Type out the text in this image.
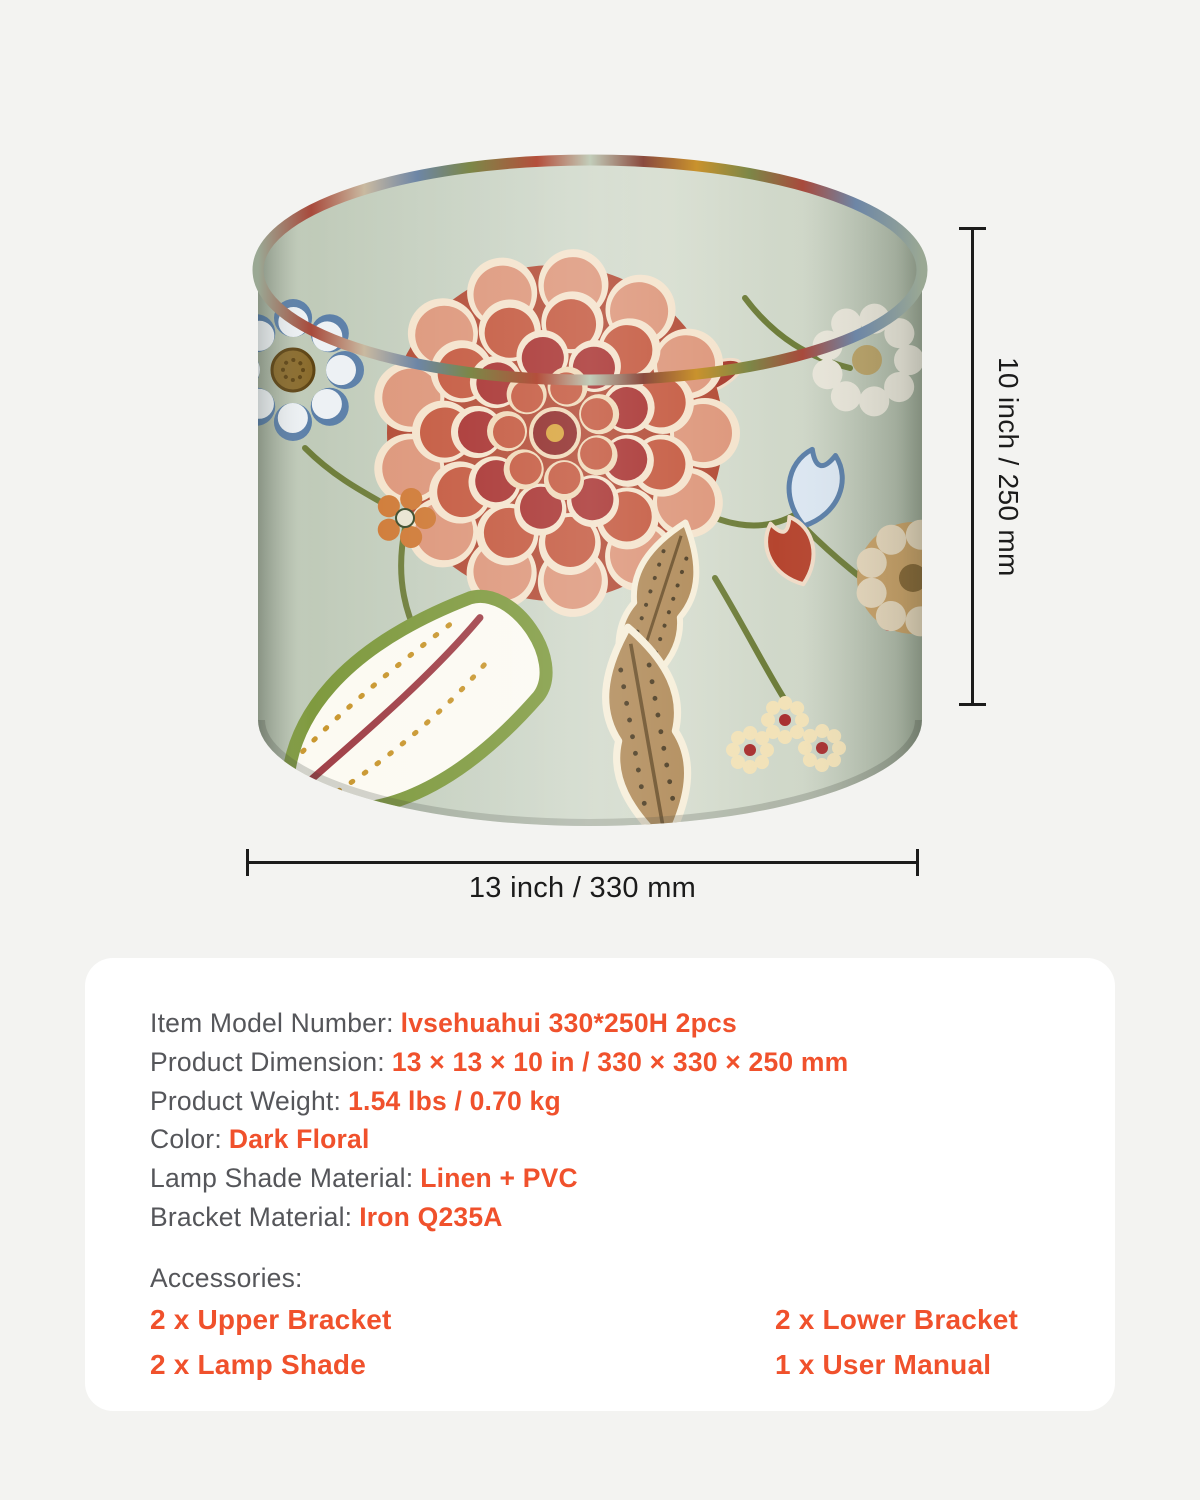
10 inch / 250 mm
13 inch / 330 mm
Item Model Number: lvsehuahui 330*250H 2pcs
Product Dimension: 13 × 13 × 10 in / 330 × 330 × 250 mm
Product Weight: 1.54 lbs / 0.70 kg
Color: Dark Floral
Lamp Shade Material: Linen + PVC
Bracket Material: Iron Q235A
Accessories:
2 x Upper Bracket	2 x Lower Bracket
2 x Lamp Shade	1 x User Manual
